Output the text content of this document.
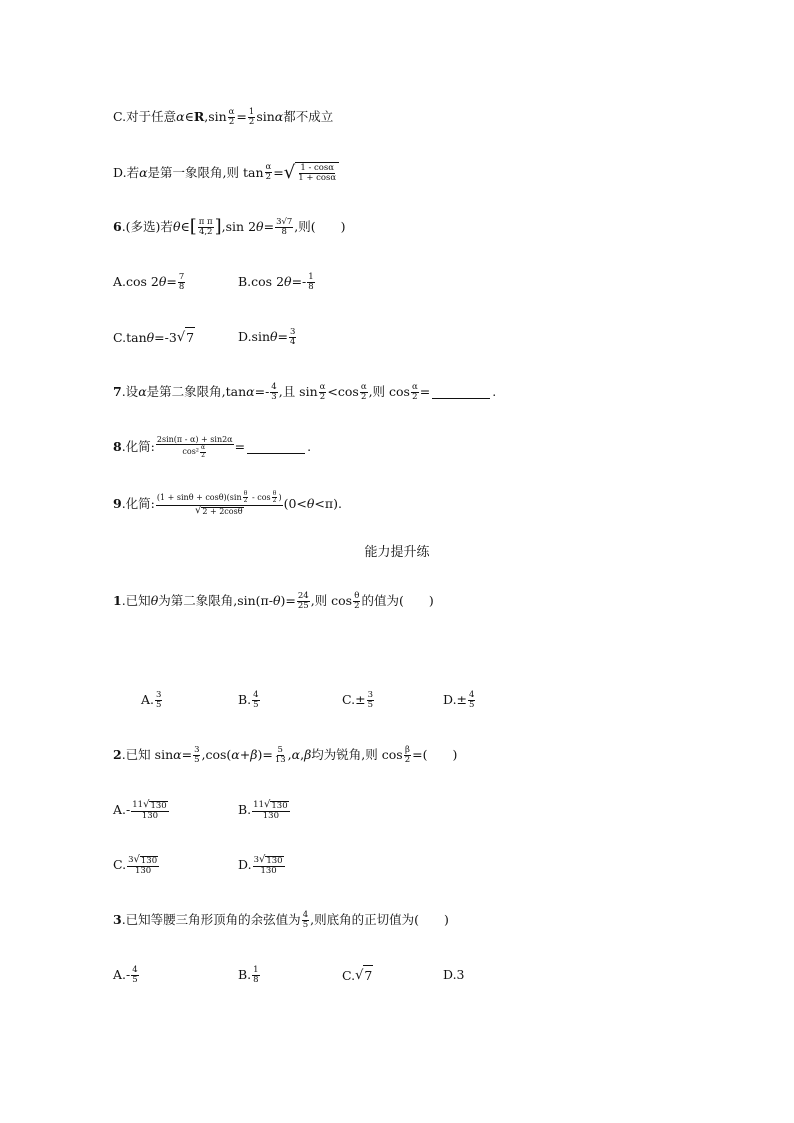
C. 对于任意 α ∈ R $,\sin \frac{\alpha}{2} = \frac{1}{2}$ sin α 都不成立
D. 若 α 是第一象限角,则 $\tan \frac{\alpha}{2}$ = √ $\frac{1 - \cos\alpha}{1 + \cos\alpha}$
6 .(多选)若 θ ∈ [ $\frac{\text{π π}}{4,2}$ ] ,sin 2 $\theta = \frac{3√7}{8}$ ,则( 　　)
A.cos 2 $\theta = \frac{7}{8}$	B.cos 2 $\theta =- \frac{1}{8}$
C.tan θ =-3 √ 7	D.sin $\theta = \frac{3}{4}$
7 .设 α 是第二象限角,tan $\alpha =- \frac{4}{3}$ ,且 $\sin \frac{\alpha}{2} <\cos \frac{\alpha}{2}$ ,则 $\cos \frac{\alpha}{2}$ =	.
8 .化简: $\frac{2\sin(\pi - \alpha) + \sin 2\alpha}{\cos^2 \frac{\alpha}{2}}$ =	.
9 .化简: $\frac{(1 + \sin\theta + \cos\theta)(\sin \frac{\theta}{2} - \cos \frac{\theta}{2} )}{√ 2 + 2\cos\theta} (0< \theta <\pi)$.
能力提升练
1 .已知 θ 为第二象限角,sin(π- θ )= $\frac{24}{25}$ ,则 $\cos \frac{\theta}{2}$ 的值为( 　　)
A. $\frac{3}{5}$	B. $\frac{4}{5}$	$C.\pm \frac{3}{5}$	$D.\pm \frac{4}{5}$
2 .已知 $\sin \alpha = \frac{3}{5} ,\cos$( α + β )= $\frac{5}{13}$ , α , β 均为锐角,则 $\cos \frac{\beta}{2}$ =( 　　)
$A.- \frac{11 √ 130}{130}$	B. $\frac{11 √ 130}{130}$
C. $\frac{3 √ 130}{130}$	D. $\frac{3 √ 130}{130}$
3 .已知等腰三角形顶角的余弦值为 $\frac{4}{5}$ ,则底角的正切值为( 　　)
$A.- \frac{4}{5}$	B. $\frac{1}{8}$	C. √ 7	D.3
